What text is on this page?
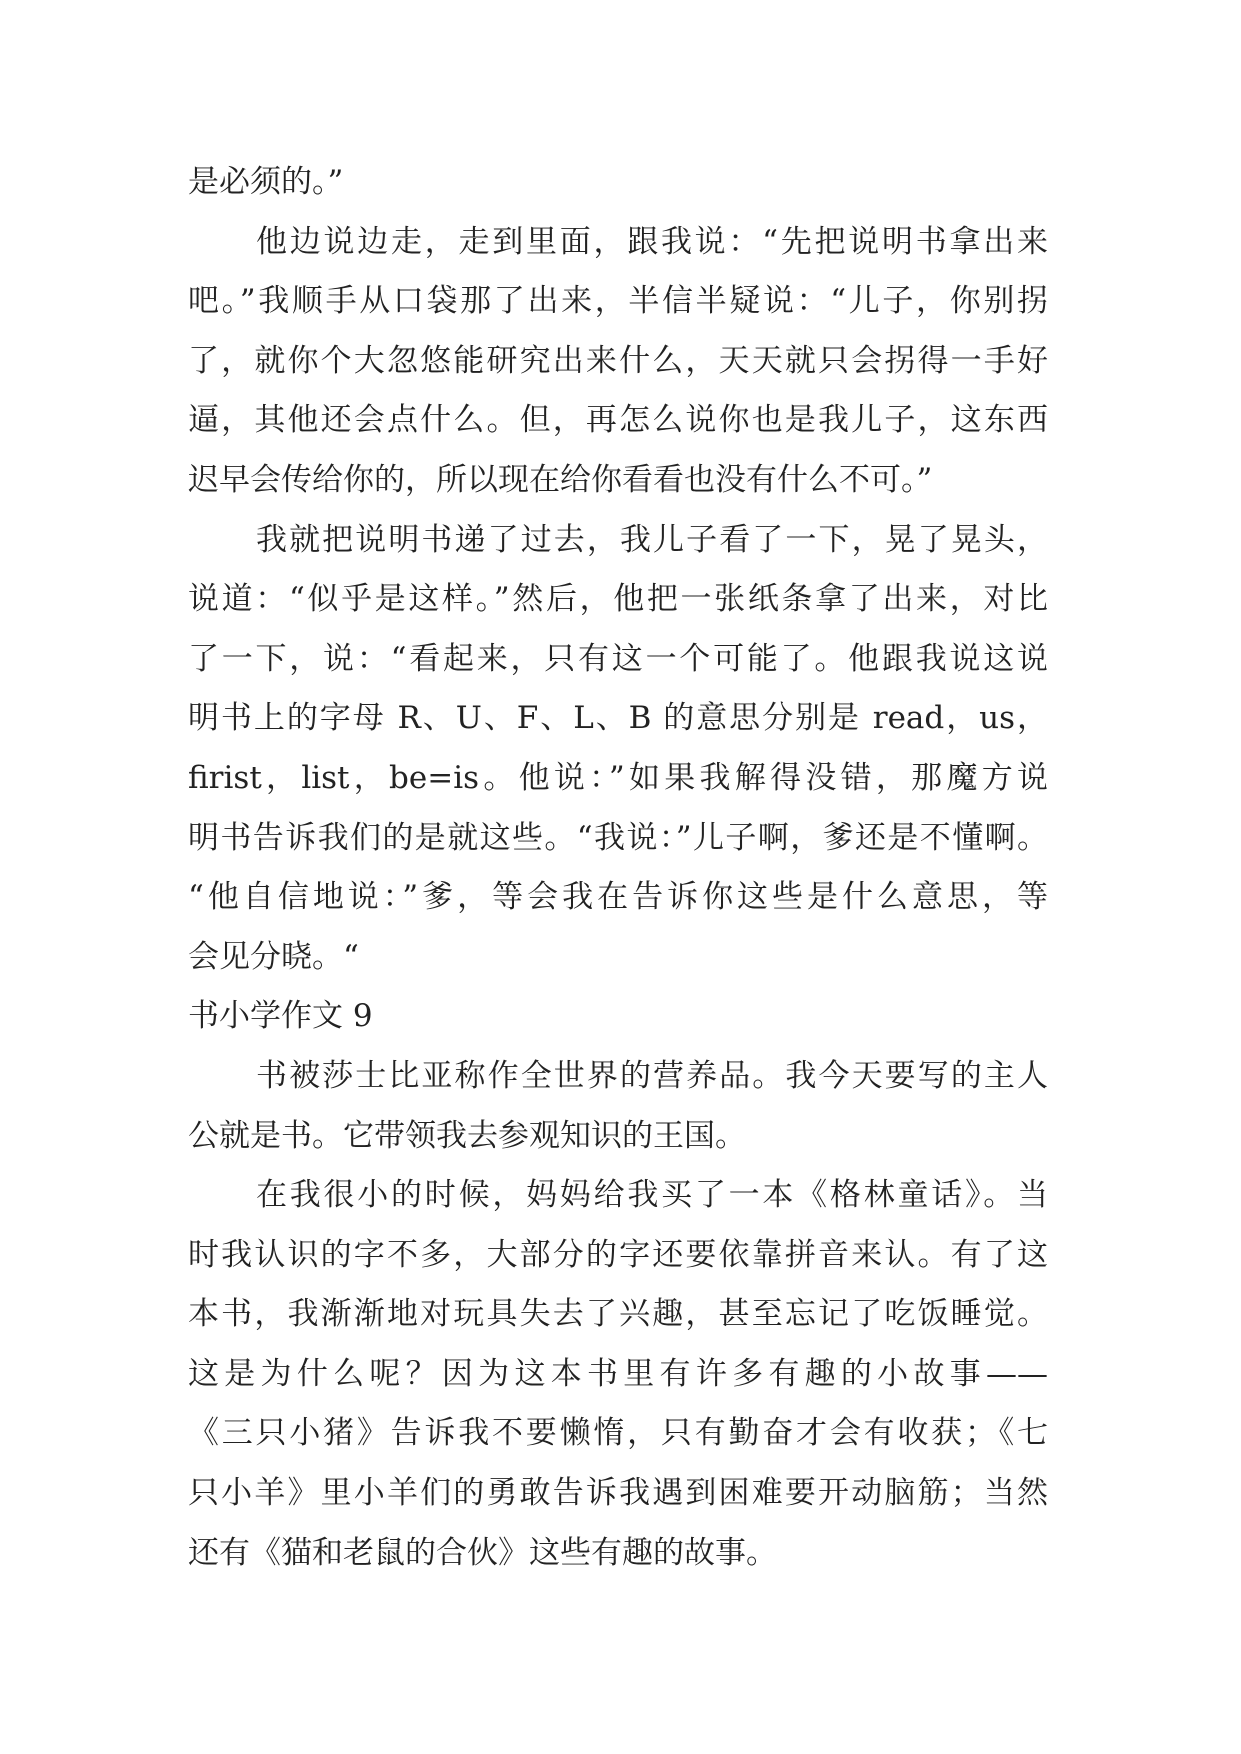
是必须的。”
他边说边走，走到里面，跟我说：“先把说明书拿出来
吧。”我顺手从口袋那了出来，半信半疑说：“儿子，你别拐
了，就你个大忽悠能研究出来什么，天天就只会拐得一手好
逼，其他还会点什么。但，再怎么说你也是我儿子，这东西
迟早会传给你的，所以现在给你看看也没有什么不可。”
我就把说明书递了过去，我儿子看了一下，晃了晃头，
说道：“似乎是这样。”然后，他把一张纸条拿了出来，对比
了一下，说：“看起来，只有这一个可能了。他跟我说这说
明书上的字母 R、U、F、L、B 的意思分别是 read，us，
firist，list，be=is。他说：”如果我解得没错，那魔方说
明书告诉我们的是就这些。“我说：”儿子啊，爹还是不懂啊。
“他自信地说：”爹，等会我在告诉你这些是什么意思，等
会见分晓。“
书小学作文 9
书被莎士比亚称作全世界的营养品。我今天要写的主人
公就是书。它带领我去参观知识的王国。
在我很小的时候，妈妈给我买了一本《格林童话》。当
时我认识的字不多，大部分的字还要依靠拼音来认。有了这
本书，我渐渐地对玩具失去了兴趣，甚至忘记了吃饭睡觉。
这是为什么呢？因为这本书里有许多有趣的小故事——
《三只小猪》告诉我不要懒惰，只有勤奋才会有收获；《七
只小羊》里小羊们的勇敢告诉我遇到困难要开动脑筋；当然
还有《猫和老鼠的合伙》这些有趣的故事。
